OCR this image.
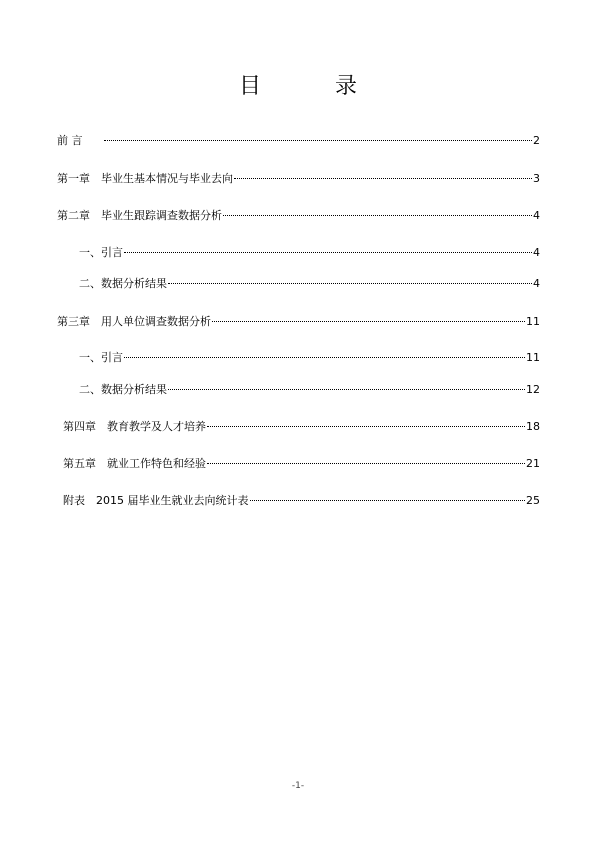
目　录
前 言	2
第一章　毕业生基本情况与毕业去向	3
第二章　毕业生跟踪调查数据分析	4
一、引言	4
二、数据分析结果	4
第三章　用人单位调查数据分析	11
一、引言	11
二、数据分析结果	12
第四章　教育教学及人才培养	18
第五章　就业工作特色和经验	21
附表　2015 届毕业生就业去向统计表	25
-1-
